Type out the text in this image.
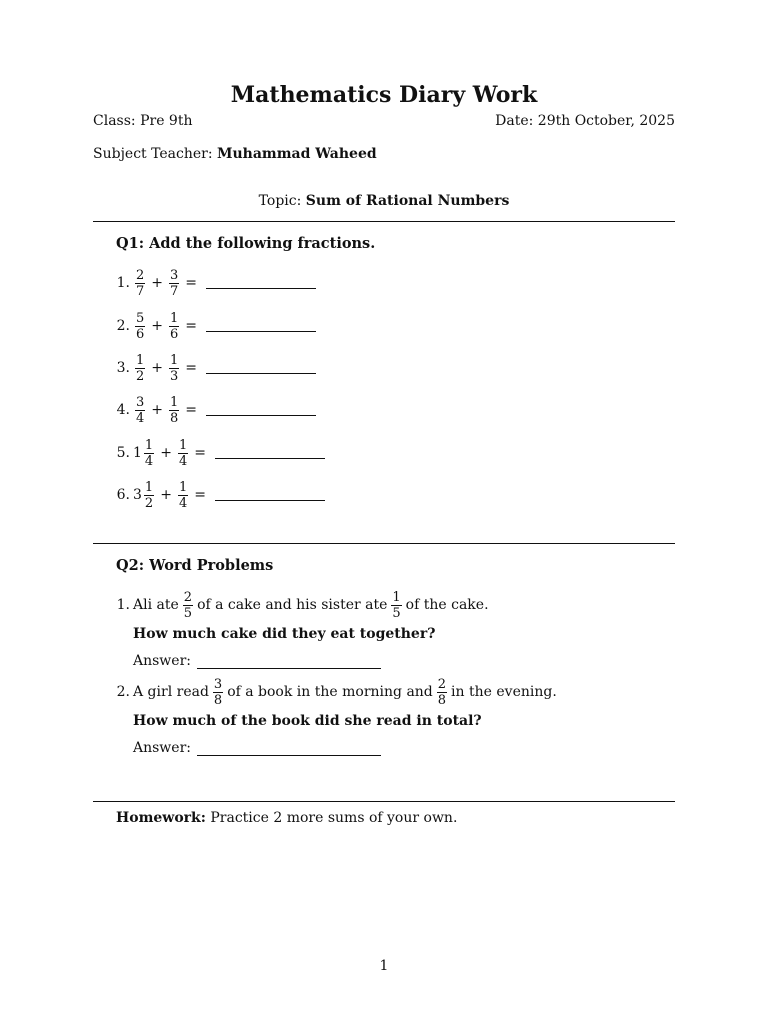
Mathematics Diary Work
Class: Pre 9th	Date: 29th October, 2025
Subject Teacher: Muhammad Waheed
Topic: Sum of Rational Numbers
Q1: Add the following fractions.
1. $\frac{2}{7} + \frac{3}{7}$ =
2. $\frac{5}{6} + \frac{1}{6}$ =
3. $\frac{1}{2} + \frac{1}{3}$ =
4. $\frac{3}{4} + \frac{1}{8}$ =
5. $1 \frac{1}{4} + \frac{1}{4}$ =
6. $3 \frac{1}{2} + \frac{1}{4}$ =
Q2: Word Problems
1. Ali ate $\frac{2}{5}$ of a cake and his sister ate $\frac{1}{5}$ of the cake.
How much cake did they eat together?
Answer:
2. A girl read $\frac{3}{8}$ of a book in the morning and $\frac{2}{8}$ in the evening.
How much of the book did she read in total?
Answer:
Homework: Practice 2 more sums of your own.
1
